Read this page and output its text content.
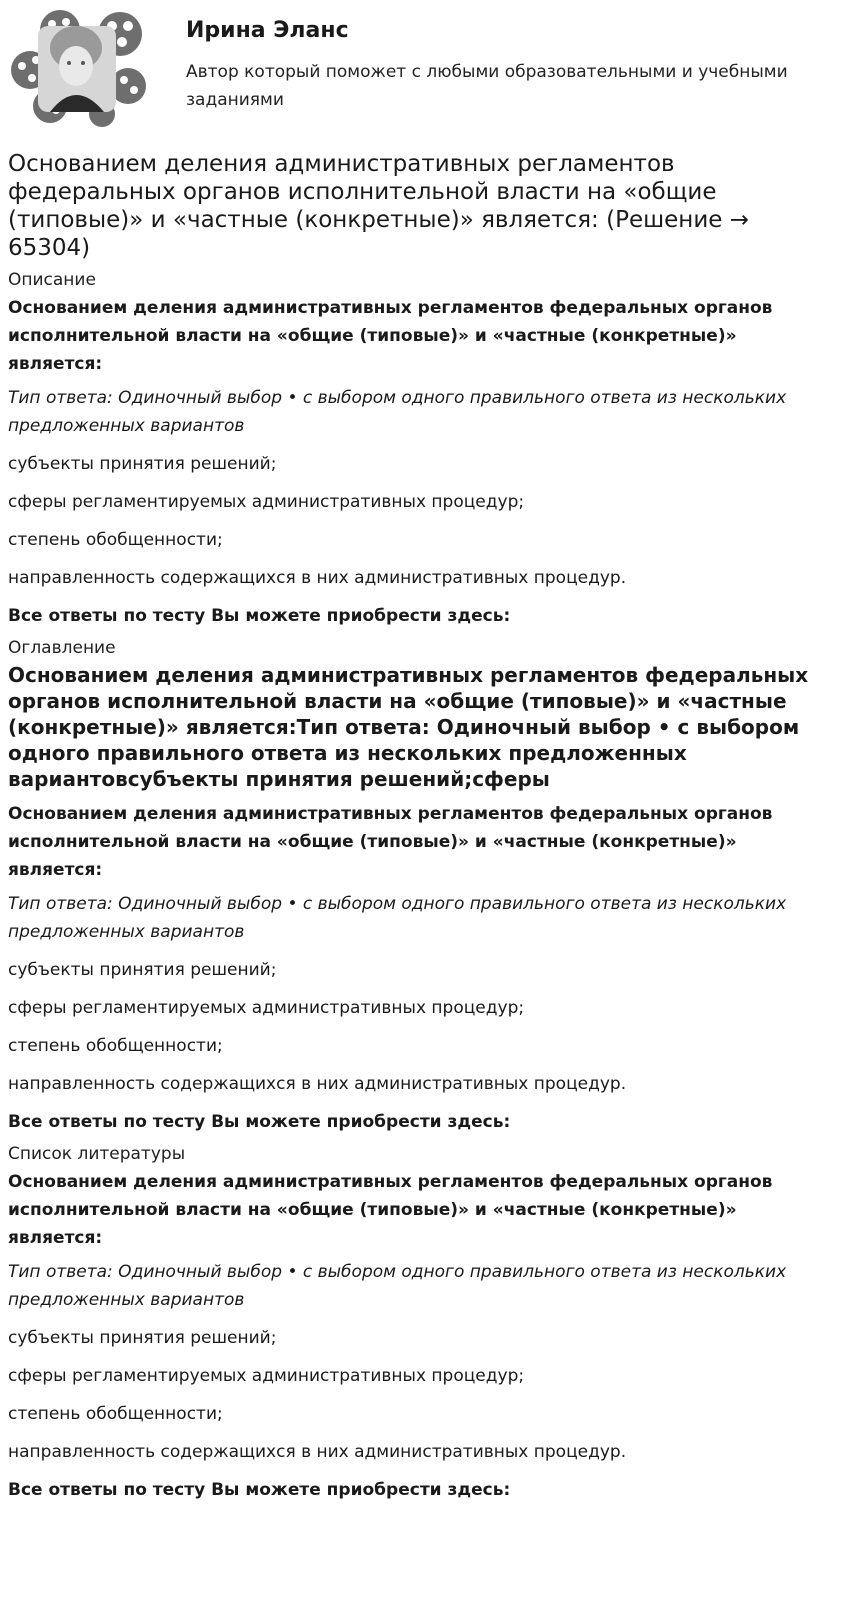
Ирина Эланс
Автор который поможет с любыми образовательными и учебными заданиями
Основанием деления административных регламентов федеральных органов исполнительной власти на «общие (типовые)» и «частные (конкретные)» является: (Решение → 65304)
Описание
Основанием деления административных регламентов федеральных органов исполнительной власти на «общие (типовые)» и «частные (конкретные)» является:
Тип ответа: Одиночный выбор • с выбором одного правильного ответа из нескольких предложенных вариантов
субъекты принятия решений;
сферы регламентируемых административных процедур;
степень обобщенности;
направленность содержащихся в них административных процедур.
Все ответы по тесту Вы можете приобрести здесь:
Оглавление
Основанием деления административных регламентов федеральных органов исполнительной власти на «общие (типовые)» и «частные (конкретные)» является:Тип ответа: Одиночный выбор • с выбором одного правильного ответа из нескольких предложенных вариантовсубъекты принятия решений;сферы
Основанием деления административных регламентов федеральных органов исполнительной власти на «общие (типовые)» и «частные (конкретные)» является:
Тип ответа: Одиночный выбор • с выбором одного правильного ответа из нескольких предложенных вариантов
субъекты принятия решений;
сферы регламентируемых административных процедур;
степень обобщенности;
направленность содержащихся в них административных процедур.
Все ответы по тесту Вы можете приобрести здесь:
Список литературы
Основанием деления административных регламентов федеральных органов исполнительной власти на «общие (типовые)» и «частные (конкретные)» является:
Тип ответа: Одиночный выбор • с выбором одного правильного ответа из нескольких предложенных вариантов
субъекты принятия решений;
сферы регламентируемых административных процедур;
степень обобщенности;
направленность содержащихся в них административных процедур.
Все ответы по тесту Вы можете приобрести здесь:
